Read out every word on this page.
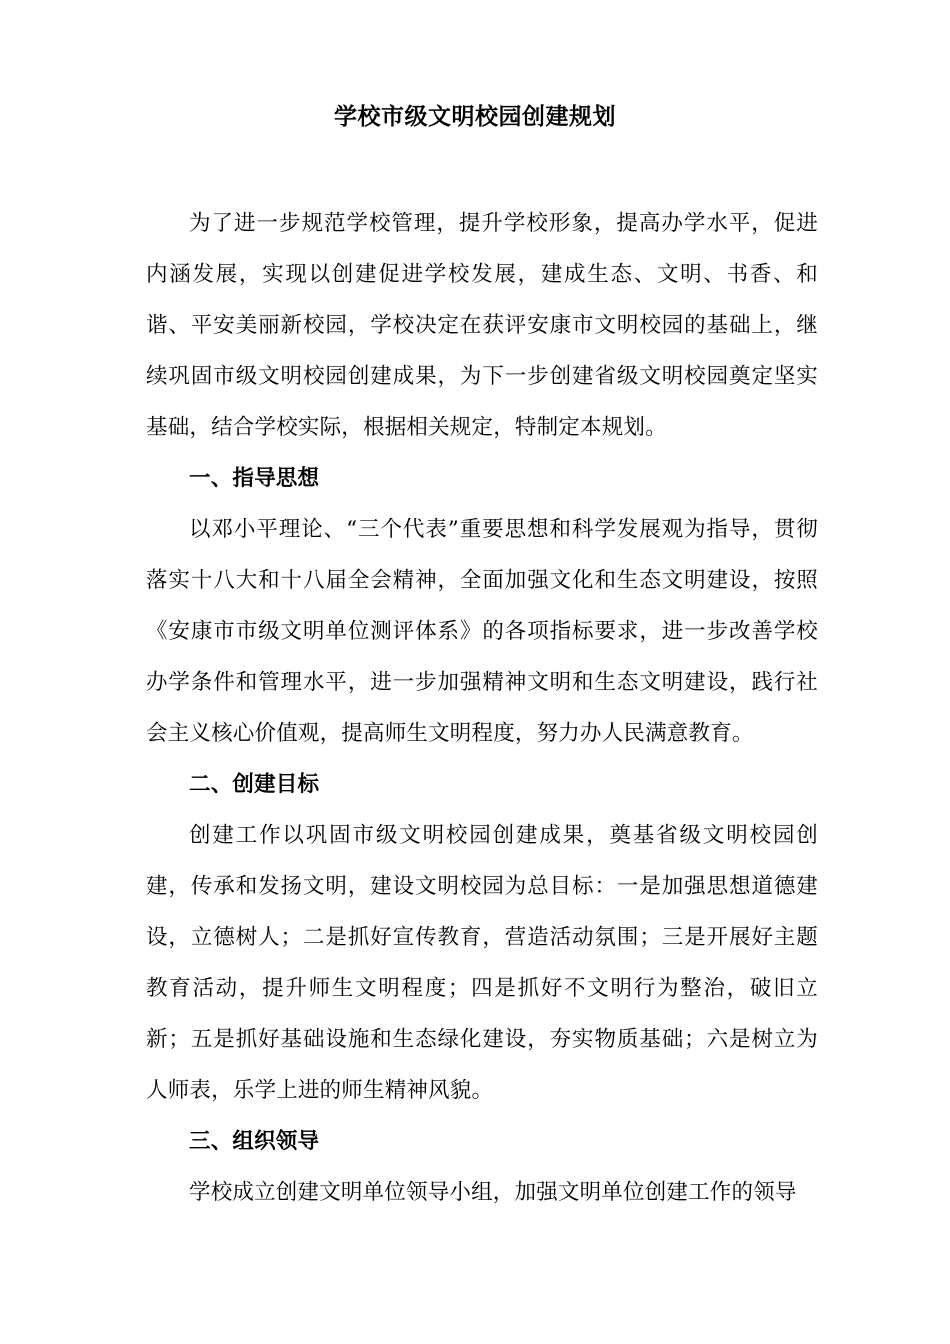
学校市级文明校园创建规划

为了进一步规范学校管理，提升学校形象，提高办学水平，促进内涵发展，实现以创建促进学校发展，建成生态、文明、书香、和谐、平安美丽新校园，学校决定在获评安康市文明校园的基础上，继续巩固市级文明校园创建成果，为下一步创建省级文明校园奠定坚实基础，结合学校实际，根据相关规定，特制定本规划。

一、指导思想

以邓小平理论、“三个代表”重要思想和科学发展观为指导，贯彻落实十八大和十八届全会精神，全面加强文化和生态文明建设，按照《安康市市级文明单位测评体系》的各项指标要求，进一步改善学校办学条件和管理水平，进一步加强精神文明和生态文明建设，践行社会主义核心价值观，提高师生文明程度，努力办人民满意教育。

二、创建目标

创建工作以巩固市级文明校园创建成果，奠基省级文明校园创建，传承和发扬文明，建设文明校园为总目标：一是加强思想道德建设，立德树人；二是抓好宣传教育，营造活动氛围；三是开展好主题教育活动，提升师生文明程度；四是抓好不文明行为整治，破旧立新；五是抓好基础设施和生态绿化建设，夯实物质基础；六是树立为人师表，乐学上进的师生精神风貌。

三、组织领导

学校成立创建文明单位领导小组，加强文明单位创建工作的领导
